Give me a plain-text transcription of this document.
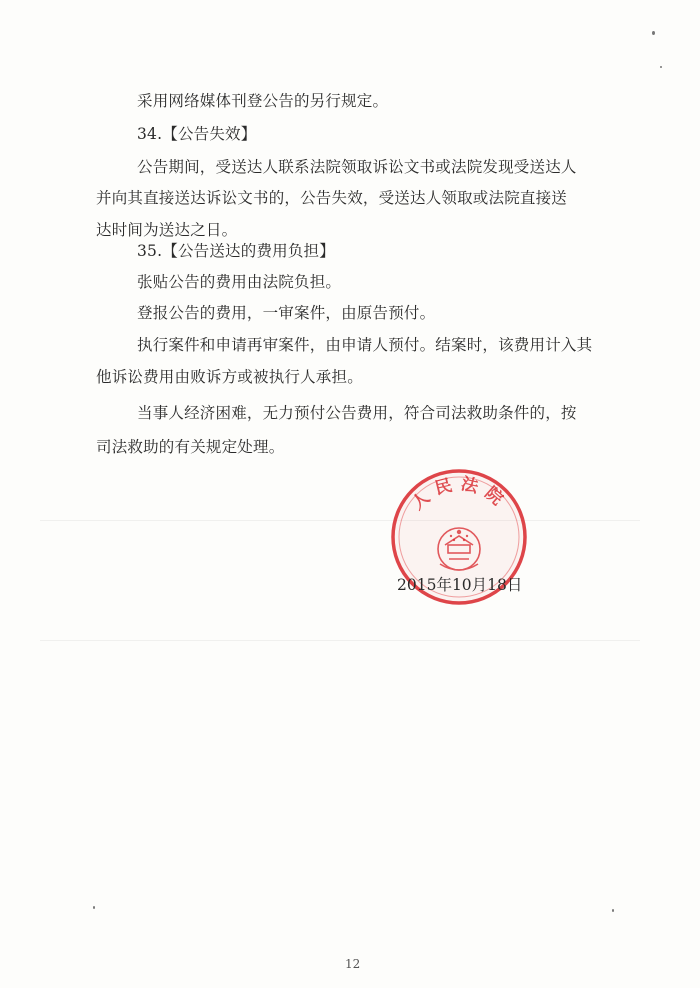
采用网络媒体刊登公告的另行规定。
34.【公告失效】
公告期间，受送达人联系法院领取诉讼文书或法院发现受送达人
并向其直接送达诉讼文书的，公告失效，受送达人领取或法院直接送
达时间为送达之日。
35.【公告送达的费用负担】
张贴公告的费用由法院负担。
登报公告的费用，一审案件，由原告预付。
执行案件和申请再审案件，由申请人预付。结案时，该费用计入其
他诉讼费用由败诉方或被执行人承担。
当事人经济困难，无力预付公告费用，符合司法救助条件的，按
司法救助的有关规定处理。
人民法院
2015年10月18日
12
